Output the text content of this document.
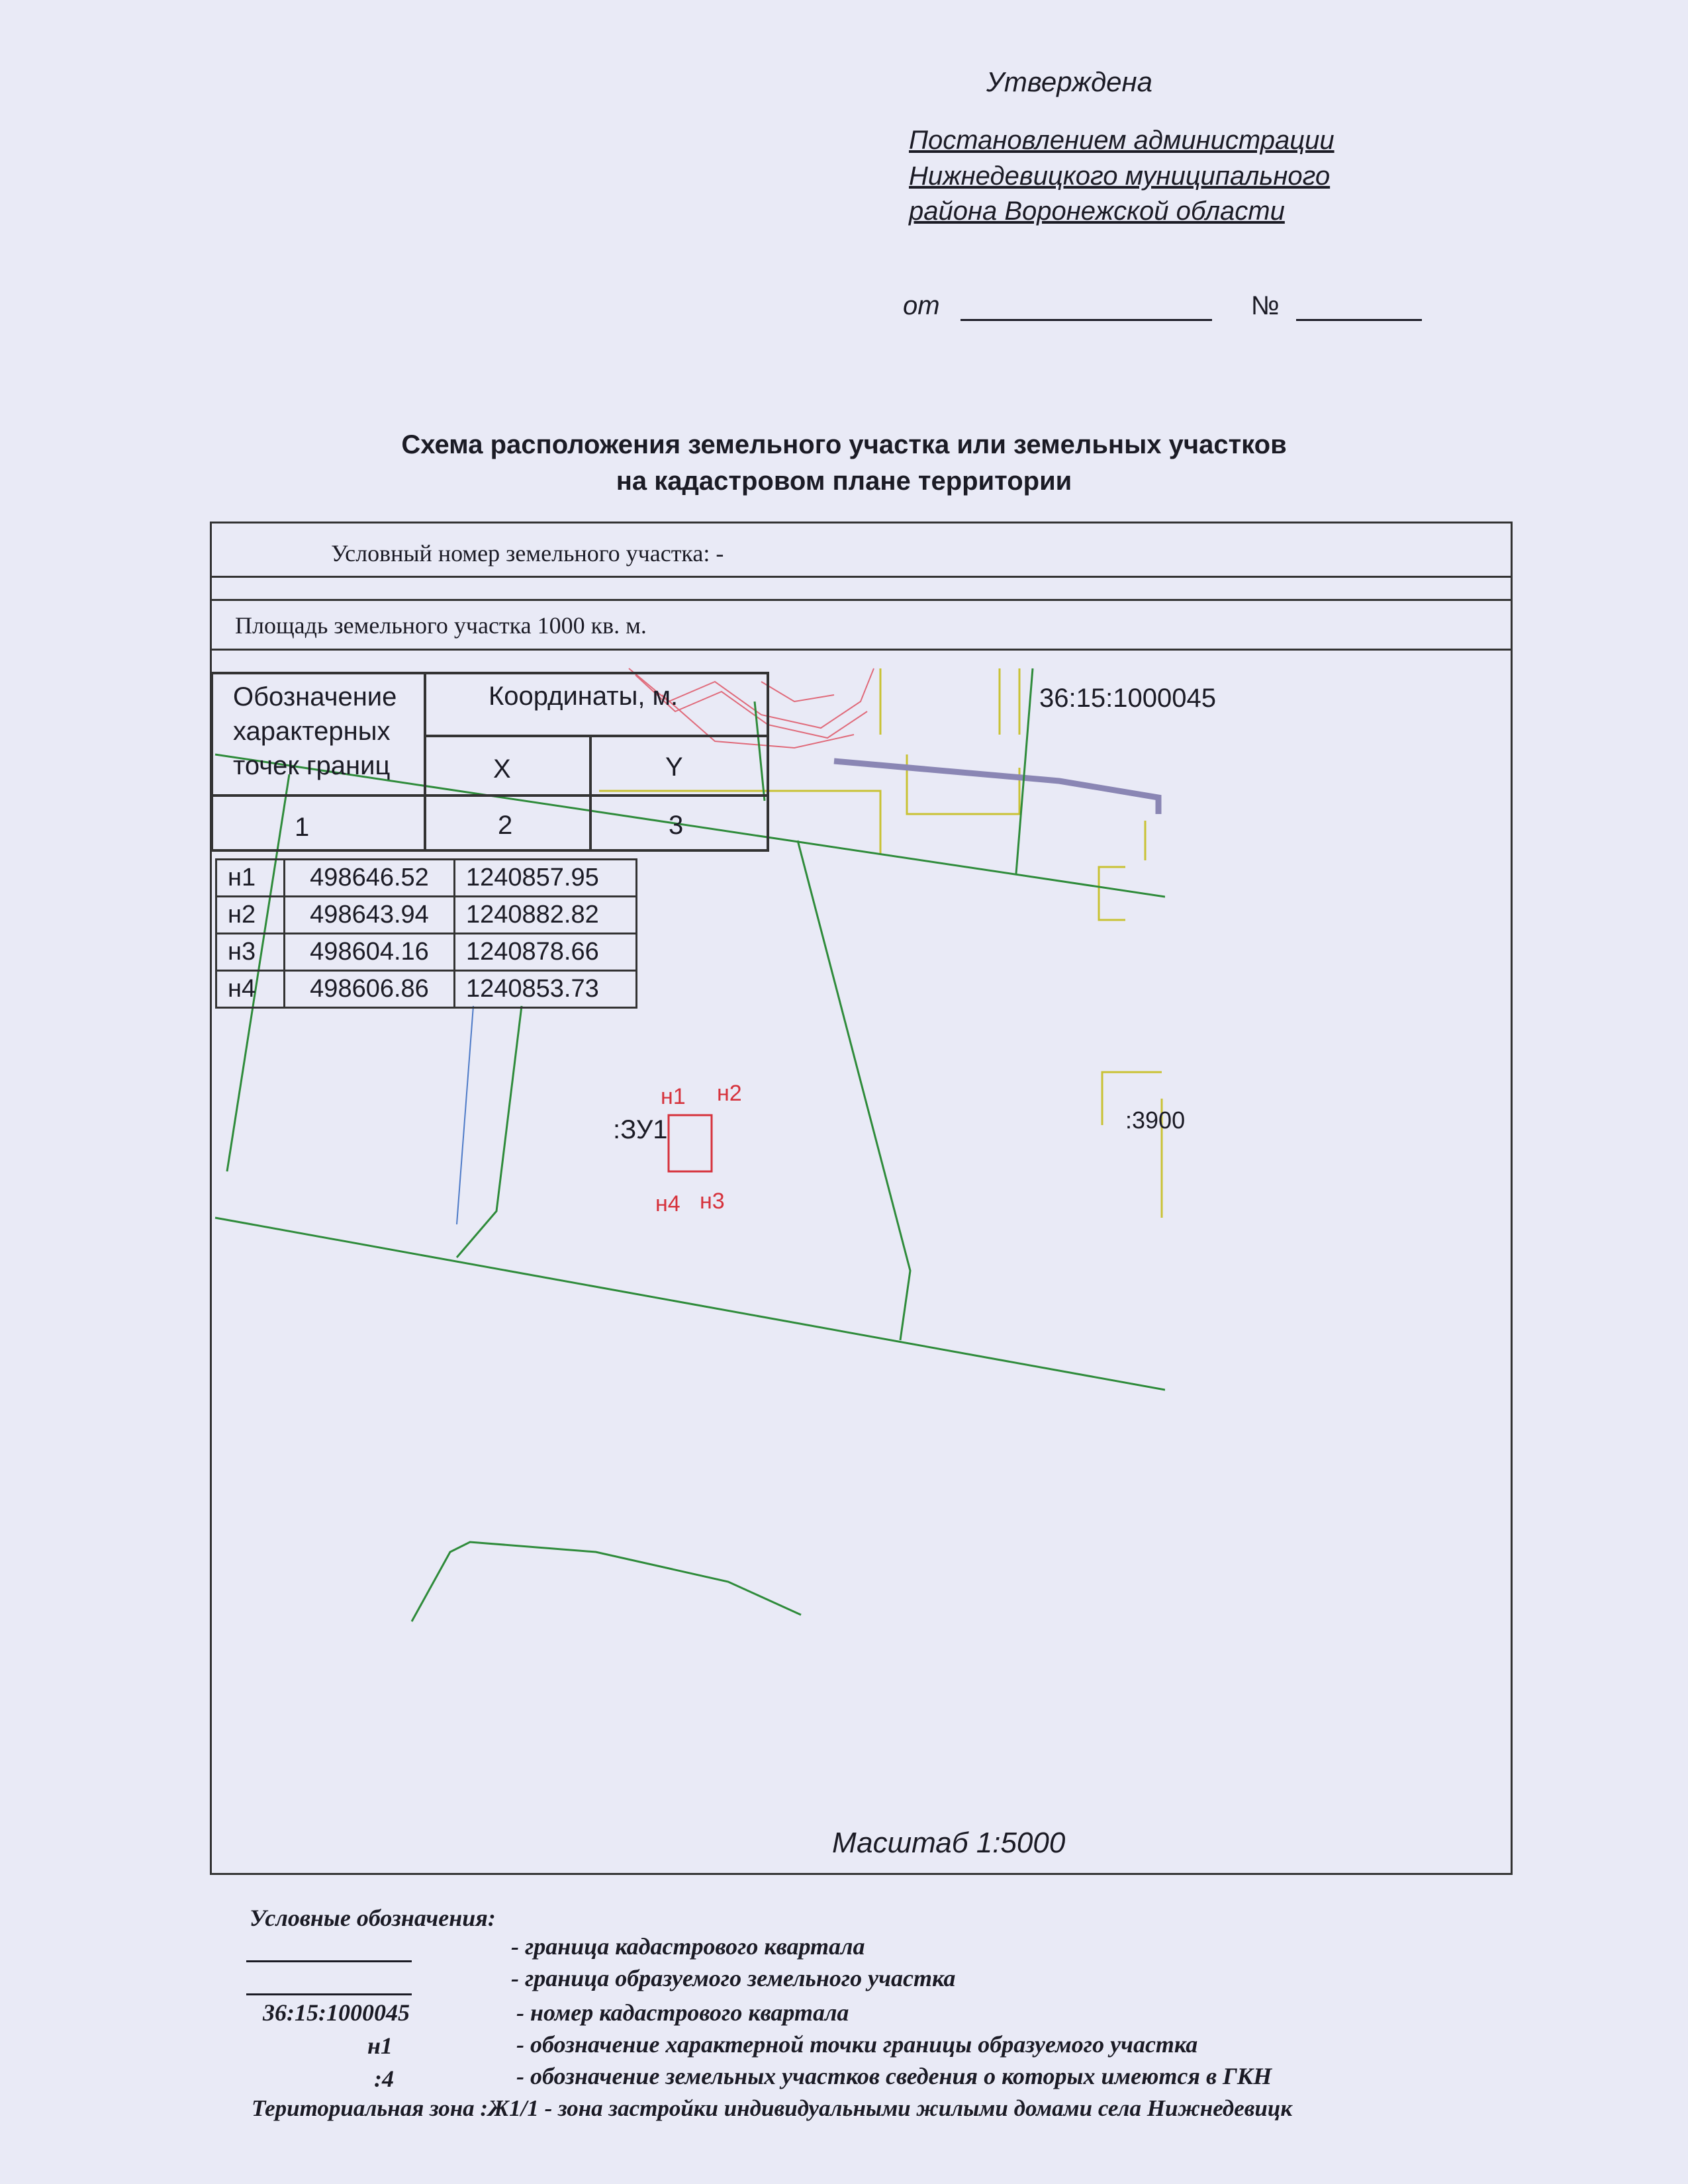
Утверждена
Постановлением администрации
Нижнедевицкого муниципального
района Воронежской области
от	№
Схема расположения земельного участка или земельных участков
на кадастровом плане территории
Условный номер земельного участка: -
Площадь земельного участка 1000 кв. м.
36:15:1000045
:ЗУ1	:3900
н1 н2
н3
н4
Обозначение
характерных
точек границ
Координаты, м.
X	Y
1	2	3
н1	498646.52	1240857.95
н2	498643.94	1240882.82
н3	498604.16	1240878.66
н4	498606.86	1240853.73
Масштаб 1:5000
Условные обозначения:
- граница кадастрового квартала
- граница образуемого земельного участка
36:15:1000045	- номер кадастрового квартала
н1	- обозначение характерной точки границы образуемого участка
:4	- обозначение земельных участков сведения о которых имеются в ГКН
Териториальная зона :Ж1/1 - зона застройки индивидуальными жилыми домами села Нижнедевицк
